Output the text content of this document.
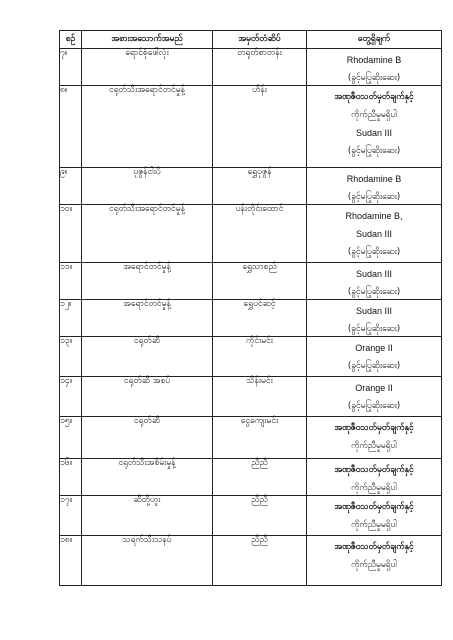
စဥ်	အစားအသောက်အမည်	အမှတ်တံဆိပ်	တွေ့ရှိချက်
၇။	ရောင်စုံဖေါလုံး	တရုတ်စာတန်း	Rhodamine B
(ခွင့်မပြုဆိုးဆေး)

၈။	ငရုတ်သီးအရောင်တင်မှုန့်	ဟိန်း	အဏုဇီဝသတ်မှတ်ချက်နှင့်
ကိုက်ညီမှုမရှိပါ
Sudan III
(ခွင့်မပြုဆိုးဆေး)

၉။	ပုဇွန်ငါးပိ	ရွှေပုဇွန်	Rhodamine B
(ခွင့်မပြုဆိုးဆေး)

၁၀။	ငရုတ်သီးအရောင်တင်မှုန့်	ပန်းတိုင်းထောင်	Rhodamine B,
Sudan III
(ခွင့်မပြုဆိုးဆေး)

၁၁။	အရောင်တင်မှုန့်	ရွှေသာစည်	Sudan III
(ခွင့်မပြုဆိုးဆေး)

၁၂။	အရောင်တင်မှုန့်	ရွှေပင်ဆင့်	Sudan III
(ခွင့်မပြုဆိုးဆေး)

၁၃။	ငရုတ်ဆီ	ကိုင်းမင်း	Orange II
(ခွင့်မပြုဆိုးဆေး)

၁၄။	ငရုတ်ဆီ အစပ်	သိန်းမင်း	Orange II
(ခွင့်မပြုဆိုးဆေး)

၁၅။	ငရုတ်ဆီ	ငွေကျေးမင်း	အဏုဇီဝသတ်မှတ်ချက်နှင့်
ကိုက်ညီမှုမရှိပါ

၁၆။	ငရုတ်သီးအစိမ်းမှုန့်	ညီညီ	အဏုဇီဝသတ်မှတ်ချက်နှင့်
ကိုက်ညီမှုမရှိပါ

၁၇။	ဆီတို့ဟူး	ညီညီ	အဏုဇီဝသတ်မှတ်ချက်နှင့်
ကိုက်ညီမှုမရှိပါ

၁၈။	သရက်သီးသနပ်	ညီညီ	အဏုဇီဝသတ်မှတ်ချက်နှင့်
ကိုက်ညီမှုမရှိပါ
